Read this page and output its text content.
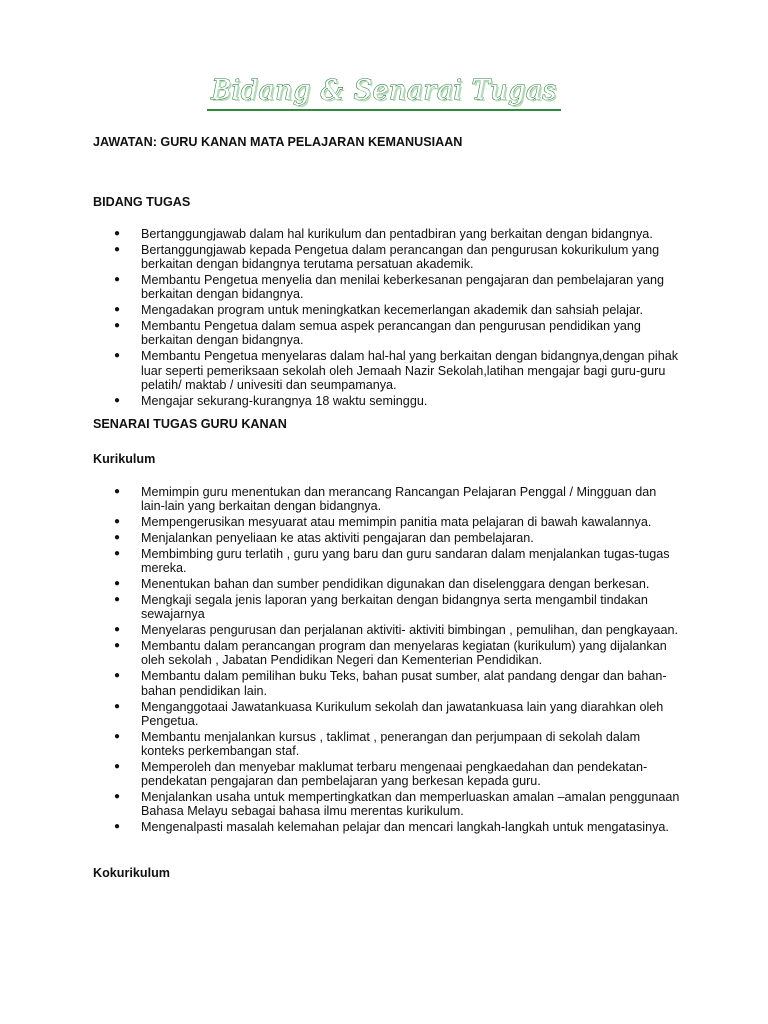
Bidang & Senarai Tugas
JAWATAN: GURU KANAN MATA PELAJARAN KEMANUSIAAN
BIDANG TUGAS
● Bertanggungjawab dalam hal kurikulum dan pentadbiran yang berkaitan dengan bidangnya.
● Bertanggungjawab kepada Pengetua dalam perancangan dan pengurusan kokurikulum yang berkaitan dengan bidangnya terutama persatuan akademik.
● Membantu Pengetua menyelia dan menilai keberkesanan pengajaran dan pembelajaran yang berkaitan dengan bidangnya.
● Mengadakan program untuk meningkatkan kecemerlangan akademik dan sahsiah pelajar.
● Membantu Pengetua dalam semua aspek perancangan dan pengurusan pendidikan yang berkaitan dengan bidangnya.
● Membantu Pengetua menyelaras dalam hal-hal yang berkaitan dengan bidangnya,dengan pihak luar seperti pemeriksaan sekolah oleh Jemaah Nazir Sekolah,latihan mengajar bagi guru-guru pelatih/ maktab / univesiti dan seumpamanya.
● Mengajar sekurang-kurangnya 18 waktu seminggu.
SENARAI TUGAS GURU KANAN
Kurikulum
● Memimpin guru menentukan dan merancang Rancangan Pelajaran Penggal / Mingguan dan lain-lain yang berkaitan dengan bidangnya.
● Mempengerusikan mesyuarat atau memimpin panitia mata pelajaran di bawah kawalannya.
● Menjalankan penyeliaan ke atas aktiviti pengajaran dan pembelajaran.
● Membimbing guru terlatih , guru yang baru dan guru sandaran dalam menjalankan tugas-tugas mereka.
● Menentukan bahan dan sumber pendidikan digunakan dan diselenggara dengan berkesan.
● Mengkaji segala jenis laporan yang berkaitan dengan bidangnya serta mengambil tindakan sewajarnya
● Menyelaras pengurusan dan perjalanan aktiviti- aktiviti bimbingan , pemulihan, dan pengkayaan.
● Membantu dalam perancangan program dan menyelaras kegiatan (kurikulum) yang dijalankan oleh sekolah , Jabatan Pendidikan Negeri dan Kementerian Pendidikan.
● Membantu dalam pemilihan buku Teks, bahan pusat sumber, alat pandang dengar dan bahan-bahan pendidikan lain.
● Menganggotaai Jawatankuasa Kurikulum sekolah dan jawatankuasa lain yang diarahkan oleh Pengetua.
● Membantu menjalankan kursus , taklimat , penerangan dan perjumpaan di sekolah dalam konteks perkembangan staf.
● Memperoleh dan menyebar maklumat terbaru mengenaai pengkaedahan dan pendekatan-pendekatan pengajaran dan pembelajaran yang berkesan kepada guru.
● Menjalankan usaha untuk mempertingkatkan dan memperluaskan amalan –amalan penggunaan Bahasa Melayu sebagai bahasa ilmu merentas kurikulum.
● Mengenalpasti masalah kelemahan pelajar dan mencari langkah-langkah untuk mengatasinya.
Kokurikulum
